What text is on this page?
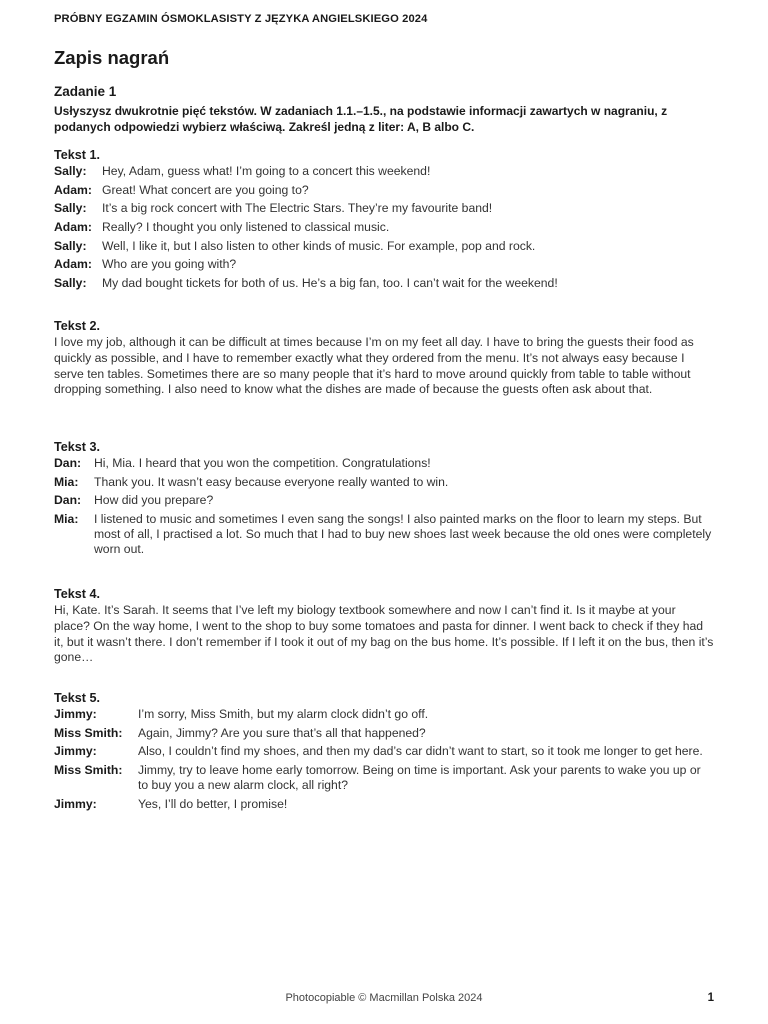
PRÓBNY EGZAMIN ÓSMOKLASISTY Z JĘZYKA ANGIELSKIEGO 2024
Zapis nagrań
Zadanie 1
Usłyszysz dwukrotnie pięć tekstów. W zadaniach 1.1.–1.5., na podstawie informacji zawartych w nagraniu, z podanych odpowiedzi wybierz właściwą. Zakreśl jedną z liter: A, B albo C.
Tekst 1.
Sally:	Hey, Adam, guess what! I’m going to a concert this weekend!
Adam: Great! What concert are you going to?
Sally:	It’s a big rock concert with The Electric Stars. They’re my favourite band!
Adam: Really? I thought you only listened to classical music.
Sally:	Well, I like it, but I also listen to other kinds of music. For example, pop and rock.
Adam: Who are you going with?
Sally:	My dad bought tickets for both of us. He’s a big fan, too. I can’t wait for the weekend!
Tekst 2.
I love my job, although it can be difficult at times because I’m on my feet all day. I have to bring the guests their food as quickly as possible, and I have to remember exactly what they ordered from the menu. It’s not always easy because I serve ten tables. Sometimes there are so many people that it’s hard to move around quickly from table to table without dropping something. I also need to know what the dishes are made of because the guests often ask about that.
Tekst 3.
Dan:	Hi, Mia. I heard that you won the competition. Congratulations!
Mia:	Thank you. It wasn’t easy because everyone really wanted to win.
Dan:	How did you prepare?
Mia:	I listened to music and sometimes I even sang the songs! I also painted marks on the floor to learn my steps. But most of all, I practised a lot. So much that I had to buy new shoes last week because the old ones were completely worn out.
Tekst 4.
Hi, Kate. It’s Sarah. It seems that I’ve left my biology textbook somewhere and now I can’t find it. Is it maybe at your place? On the way home, I went to the shop to buy some tomatoes and pasta for dinner. I went back to check if they had it, but it wasn’t there. I don’t remember if I took it out of my bag on the bus home. It’s possible. If I left it on the bus, then it’s gone…
Tekst 5.
Jimmy:	I’m sorry, Miss Smith, but my alarm clock didn’t go off.
Miss Smith:	Again, Jimmy? Are you sure that’s all that happened?
Jimmy:	Also, I couldn’t find my shoes, and then my dad’s car didn’t want to start, so it took me longer to get here.
Miss Smith:	Jimmy, try to leave home early tomorrow. Being on time is important. Ask your parents to wake you up or to buy you a new alarm clock, all right?
Jimmy:	Yes, I’ll do better, I promise!
Photocopiable © Macmillan Polska 2024	1
